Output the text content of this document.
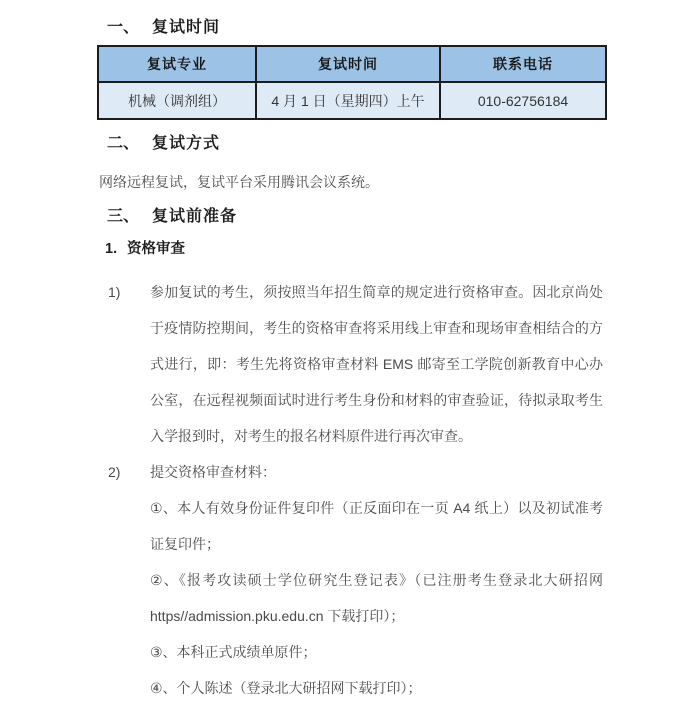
一、 复试时间
复试专业	复试时间	联系电话
机械（调剂组）	4 月 1 日（星期四）上午	010-62756184
二、 复试方式
网络远程复试，复试平台采用腾讯会议系统。
三、 复试前准备
1. 资格审查
1) 参加复试的考生，须按照当年招生简章的规定进行资格审查。因北京尚处
于疫情防控期间，考生的资格审查将采用线上审查和现场审查相结合的方
式进行，即：考生先将资格审查材料 EMS 邮寄至工学院创新教育中心办
公室，在远程视频面试时进行考生身份和材料的审查验证，待拟录取考生
入学报到时，对考生的报名材料原件进行再次审查。
2) 提交资格审查材料：
①、本人有效身份证件复印件（正反面印在一页 A4 纸上）以及初试准考
证复印件；
②、《报考攻读硕士学位研究生登记表》（已注册考生登录北大研招网
https//admission.pku.edu.cn 下载打印）；
③、本科正式成绩单原件；
④、个人陈述（登录北大研招网下载打印）；
